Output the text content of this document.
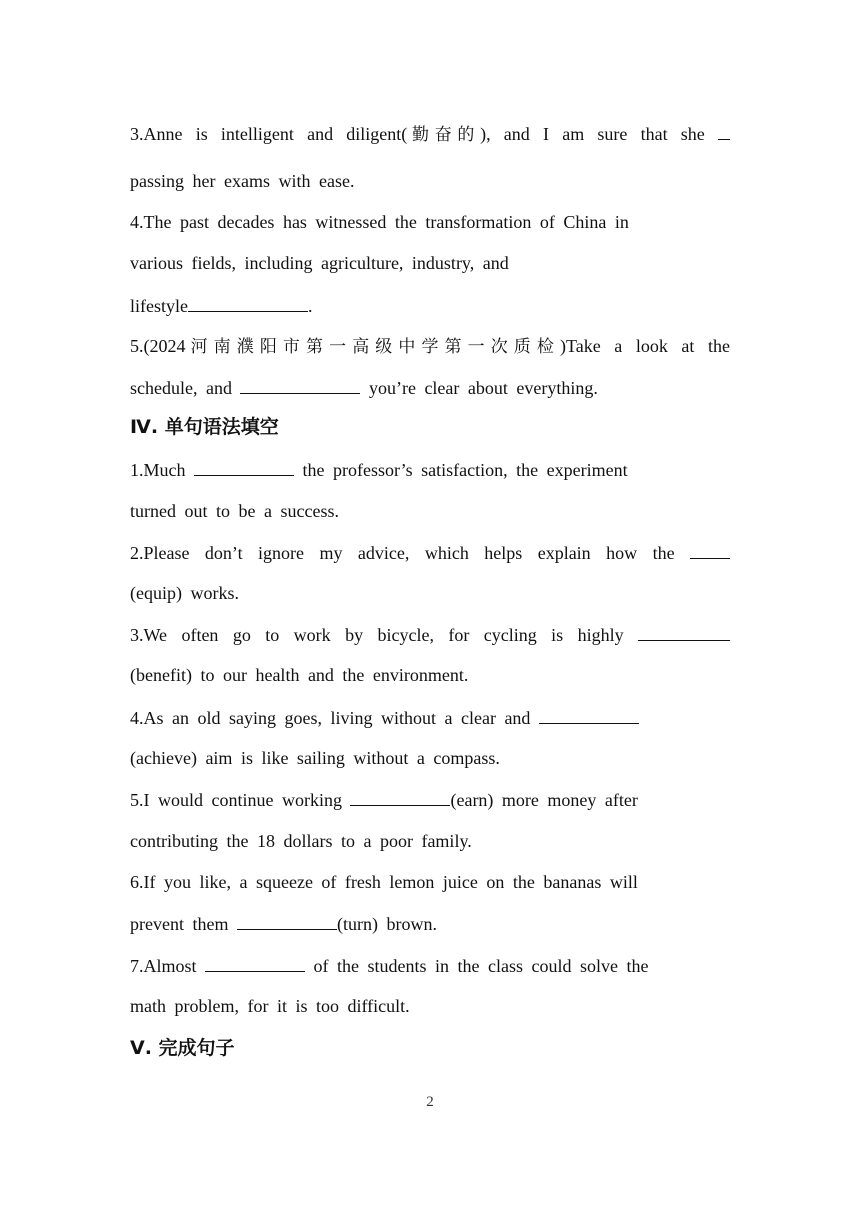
3.Anne is intelligent and diligent(勤奋的), and I am sure that she
passing her exams with ease.
4.The past decades has witnessed the transformation of China in
various fields, including agriculture, industry, and
lifestyle	.
5.(2024河南濮阳市第一高级中学第一次质检)Take a look at the
schedule, and	you’re clear about everything.
Ⅳ. 单句语法填空
1.Much	the professor’s satisfaction, the experiment
turned out to be a success.
2.Please don’t ignore my advice, which helps explain how the
(equip) works.
3.We often go to work by bicycle, for cycling is highly
(benefit) to our health and the environment.
4.As an old saying goes, living without a clear and
(achieve) aim is like sailing without a compass.
5.I would continue working	(earn) more money after
contributing the 18 dollars to a poor family.
6.If you like, a squeeze of fresh lemon juice on the bananas will
prevent them	(turn) brown.
7.Almost	of the students in the class could solve the
math problem, for it is too difficult.
Ⅴ. 完成句子
2
